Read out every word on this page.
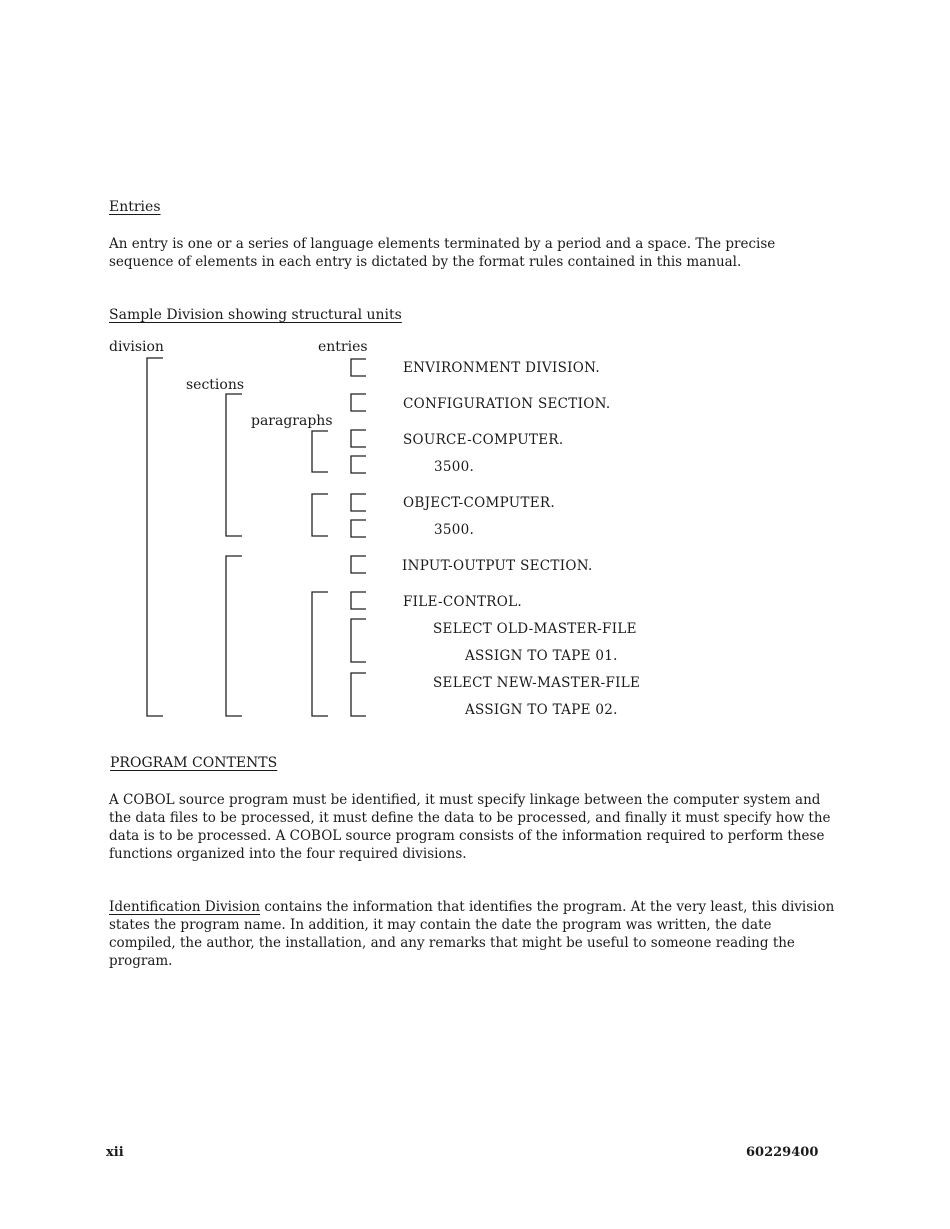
Entries
An entry is one or a series of language elements terminated by a period and a space. The precise sequence of elements in each entry is dictated by the format rules contained in this manual.
Sample Division showing structural units
division	entries
sections
paragraphs
ENVIRONMENT DIVISION.
CONFIGURATION SECTION.
SOURCE-COMPUTER.
3500.
OBJECT-COMPUTER.
3500.
INPUT-OUTPUT SECTION.
FILE-CONTROL.
SELECT OLD-MASTER-FILE
ASSIGN TO TAPE 01.
SELECT NEW-MASTER-FILE
ASSIGN TO TAPE 02.
PROGRAM CONTENTS
A COBOL source program must be identified, it must specify linkage between the computer system and the data files to be processed, it must define the data to be processed, and finally it must specify how the data is to be processed. A COBOL source program consists of the information required to perform these functions organized into the four required divisions.
Identification Division contains the information that identifies the program. At the very least, this division states the program name. In addition, it may contain the date the program was written, the date compiled, the author, the installation, and any remarks that might be useful to someone reading the program.
xii	60229400
